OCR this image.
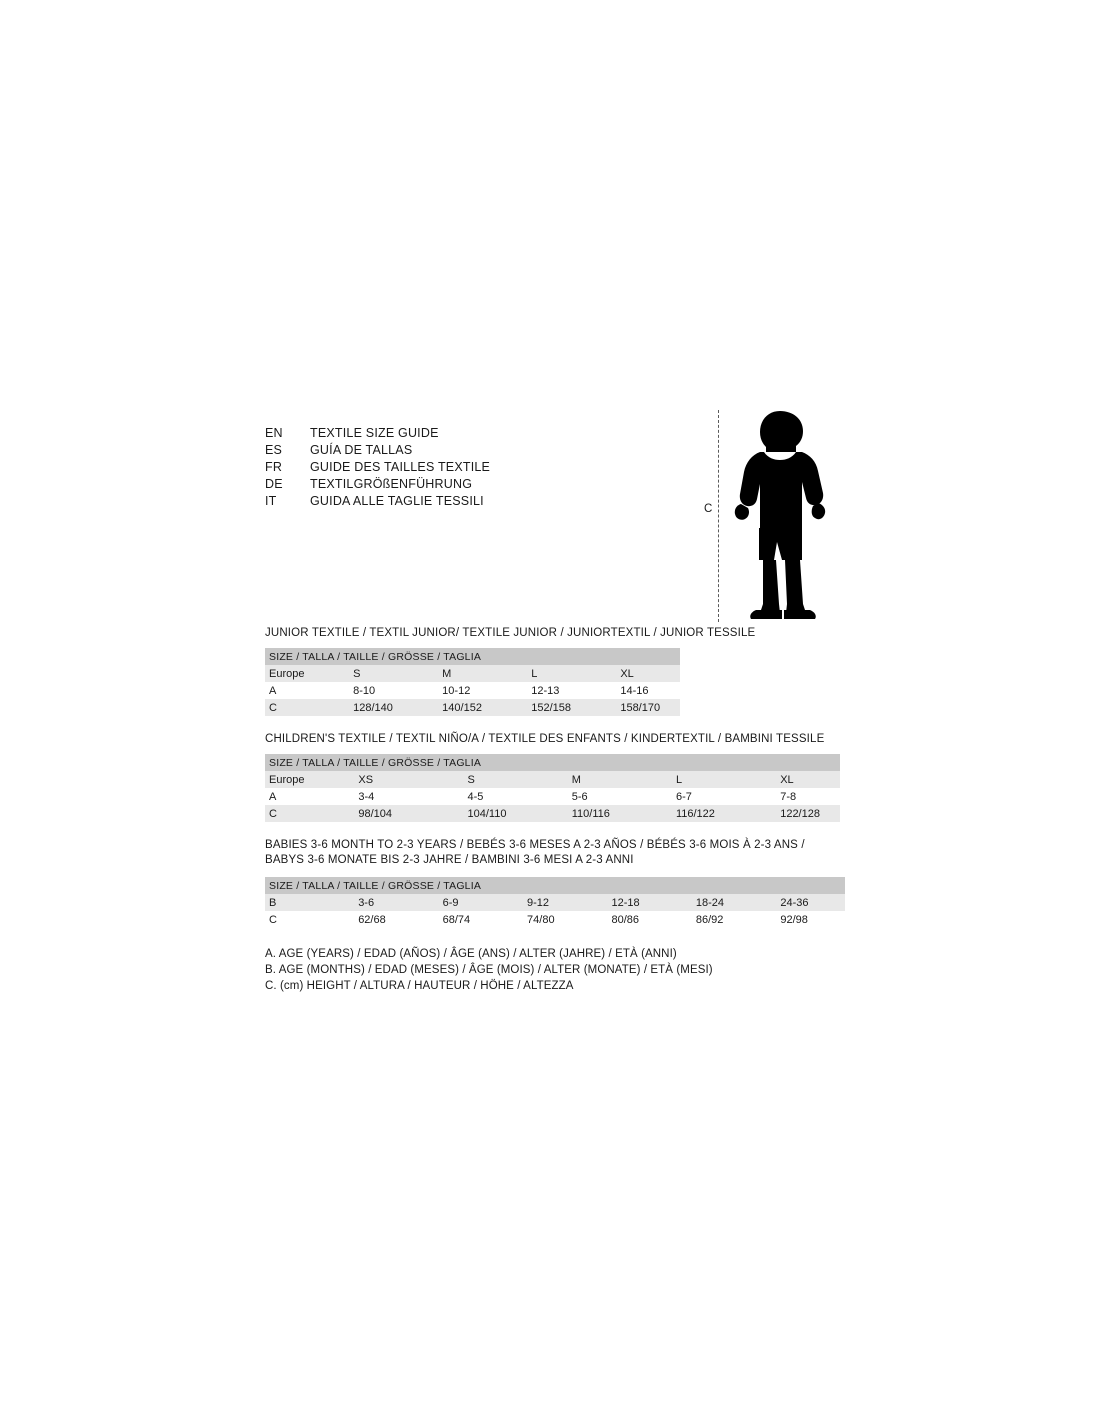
EN	TEXTILE SIZE GUIDE
ES	GUÍA DE TALLAS
FR	GUIDE DES TAILLES TEXTILE
DE	TEXTILGRÖßENFÜHRUNG
IT	GUIDA ALLE TAGLIE TESSILI
C
JUNIOR TEXTILE / TEXTIL JUNIOR/ TEXTILE JUNIOR / JUNIORTEXTIL / JUNIOR TESSILE
SIZE / TALLA / TAILLE / GRÖSSE / TAGLIA				
Europe	S	M	L	XL
A	8-10	10-12	12-13	14-16
C	128/140	140/152	152/158	158/170
CHILDREN'S TEXTILE / TEXTIL NIÑO/A / TEXTILE DES ENFANTS / KINDERTEXTIL / BAMBINI TESSILE
SIZE / TALLA / TAILLE / GRÖSSE / TAGLIA					
Europe	XS	S	M	L	XL
A	3-4	4-5	5-6	6-7	7-8
C	98/104	104/110	110/116	116/122	122/128
BABIES 3-6 MONTH TO 2-3 YEARS / BEBÉS 3-6 MESES A 2-3 AÑOS / BÉBÉS 3-6 MOIS À 2-3 ANS /
BABYS 3-6 MONATE BIS 2-3 JAHRE / BAMBINI 3-6 MESI A 2-3 ANNI
SIZE / TALLA / TAILLE / GRÖSSE / TAGLIA						
B	3-6	6-9	9-12	12-18	18-24	24-36
C	62/68	68/74	74/80	80/86	86/92	92/98
A. AGE (YEARS) / EDAD (AÑOS) / ÂGE (ANS) / ALTER (JAHRE) / ETÀ (ANNI)
B. AGE (MONTHS) / EDAD (MESES) / ÂGE (MOIS) / ALTER (MONATE) / ETÀ (MESI)
C. (cm) HEIGHT / ALTURA / HAUTEUR / HÖHE / ALTEZZA
